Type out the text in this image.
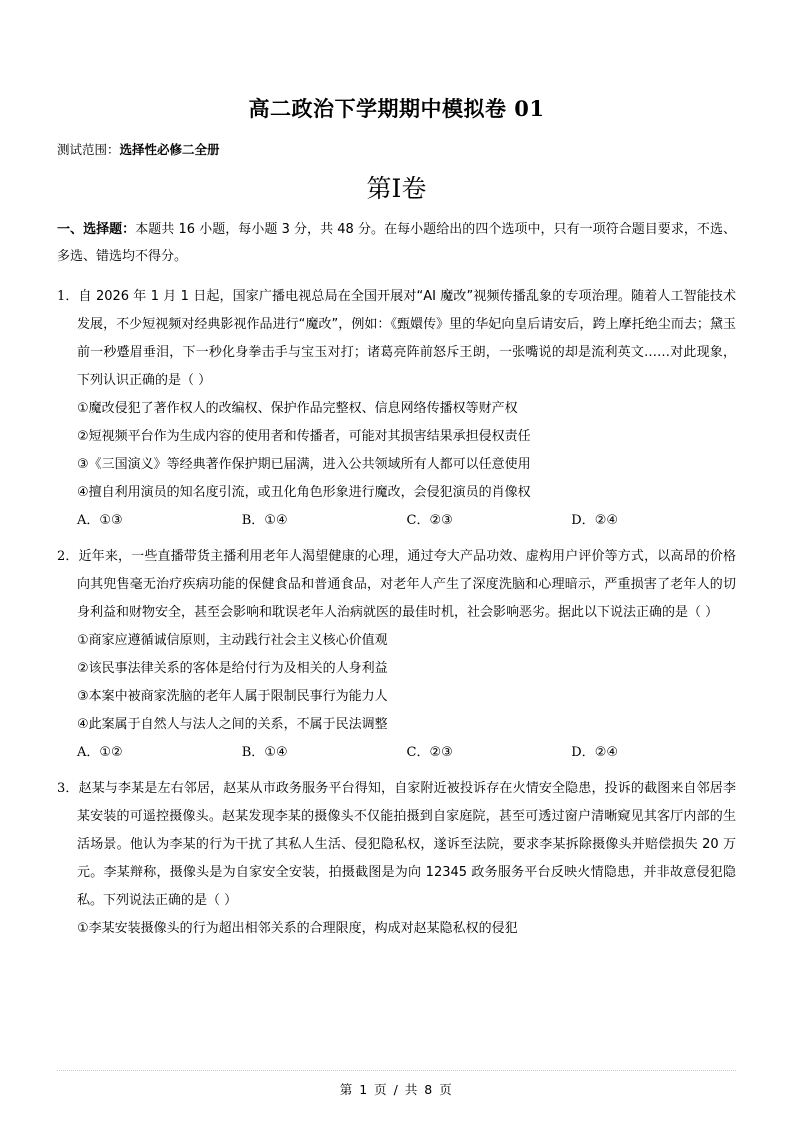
高二政治下学期期中模拟卷 01
测试范围：选择性必修二全册
第I卷

一、选择题：本题共 16 小题，每小题 3 分，共 48 分。在每小题给出的四个选项中，只有一项符合题目要求，不选、多选、错选均不得分。

1．自 2026 年 1 月 1 日起，国家广播电视总局在全国开展对“AI 魔改”视频传播乱象的专项治理。随着人工智能技术发展，不少短视频对经典影视作品进行“魔改”，例如：《甄嬛传》里的华妃向皇后请安后，跨上摩托绝尘而去；黛玉前一秒蹙眉垂泪，下一秒化身拳击手与宝玉对打；诸葛亮阵前怒斥王朗，一张嘴说的却是流利英文……对此现象，下列认识正确的是（ ）
①魔改侵犯了著作权人的改编权、保护作品完整权、信息网络传播权等财产权
②短视频平台作为生成内容的使用者和传播者，可能对其损害结果承担侵权责任
③《三国演义》等经典著作保护期已届满，进入公共领域所有人都可以任意使用
④擅自利用演员的知名度引流，或丑化角色形象进行魔改，会侵犯演员的肖像权
A．①③	B．①④	C．②③	D．②④
2．近年来，一些直播带货主播利用老年人渴望健康的心理，通过夸大产品功效、虚构用户评价等方式，以高昂的价格向其兜售毫无治疗疾病功能的保健食品和普通食品，对老年人产生了深度洗脑和心理暗示，严重损害了老年人的切身利益和财物安全，甚至会影响和耽误老年人治病就医的最佳时机，社会影响恶劣。据此以下说法正确的是（ ）
①商家应遵循诚信原则，主动践行社会主义核心价值观
②该民事法律关系的客体是给付行为及相关的人身利益
③本案中被商家洗脑的老年人属于限制民事行为能力人
④此案属于自然人与法人之间的关系，不属于民法调整
A．①②	B．①④	C．②③	D．②④
3．赵某与李某是左右邻居，赵某从市政务服务平台得知，自家附近被投诉存在火情安全隐患，投诉的截图来自邻居李某安装的可遥控摄像头。赵某发现李某的摄像头不仅能拍摄到自家庭院，甚至可透过窗户清晰窥见其客厅内部的生活场景。他认为李某的行为干扰了其私人生活、侵犯隐私权，遂诉至法院，要求李某拆除摄像头并赔偿损失 20 万元。李某辩称，摄像头是为自家安全安装，拍摄截图是为向 12345 政务服务平台反映火情隐患，并非故意侵犯隐私。下列说法正确的是（ ）
①李某安装摄像头的行为超出相邻关系的合理限度，构成对赵某隐私权的侵犯
第 1 页 / 共 8 页
